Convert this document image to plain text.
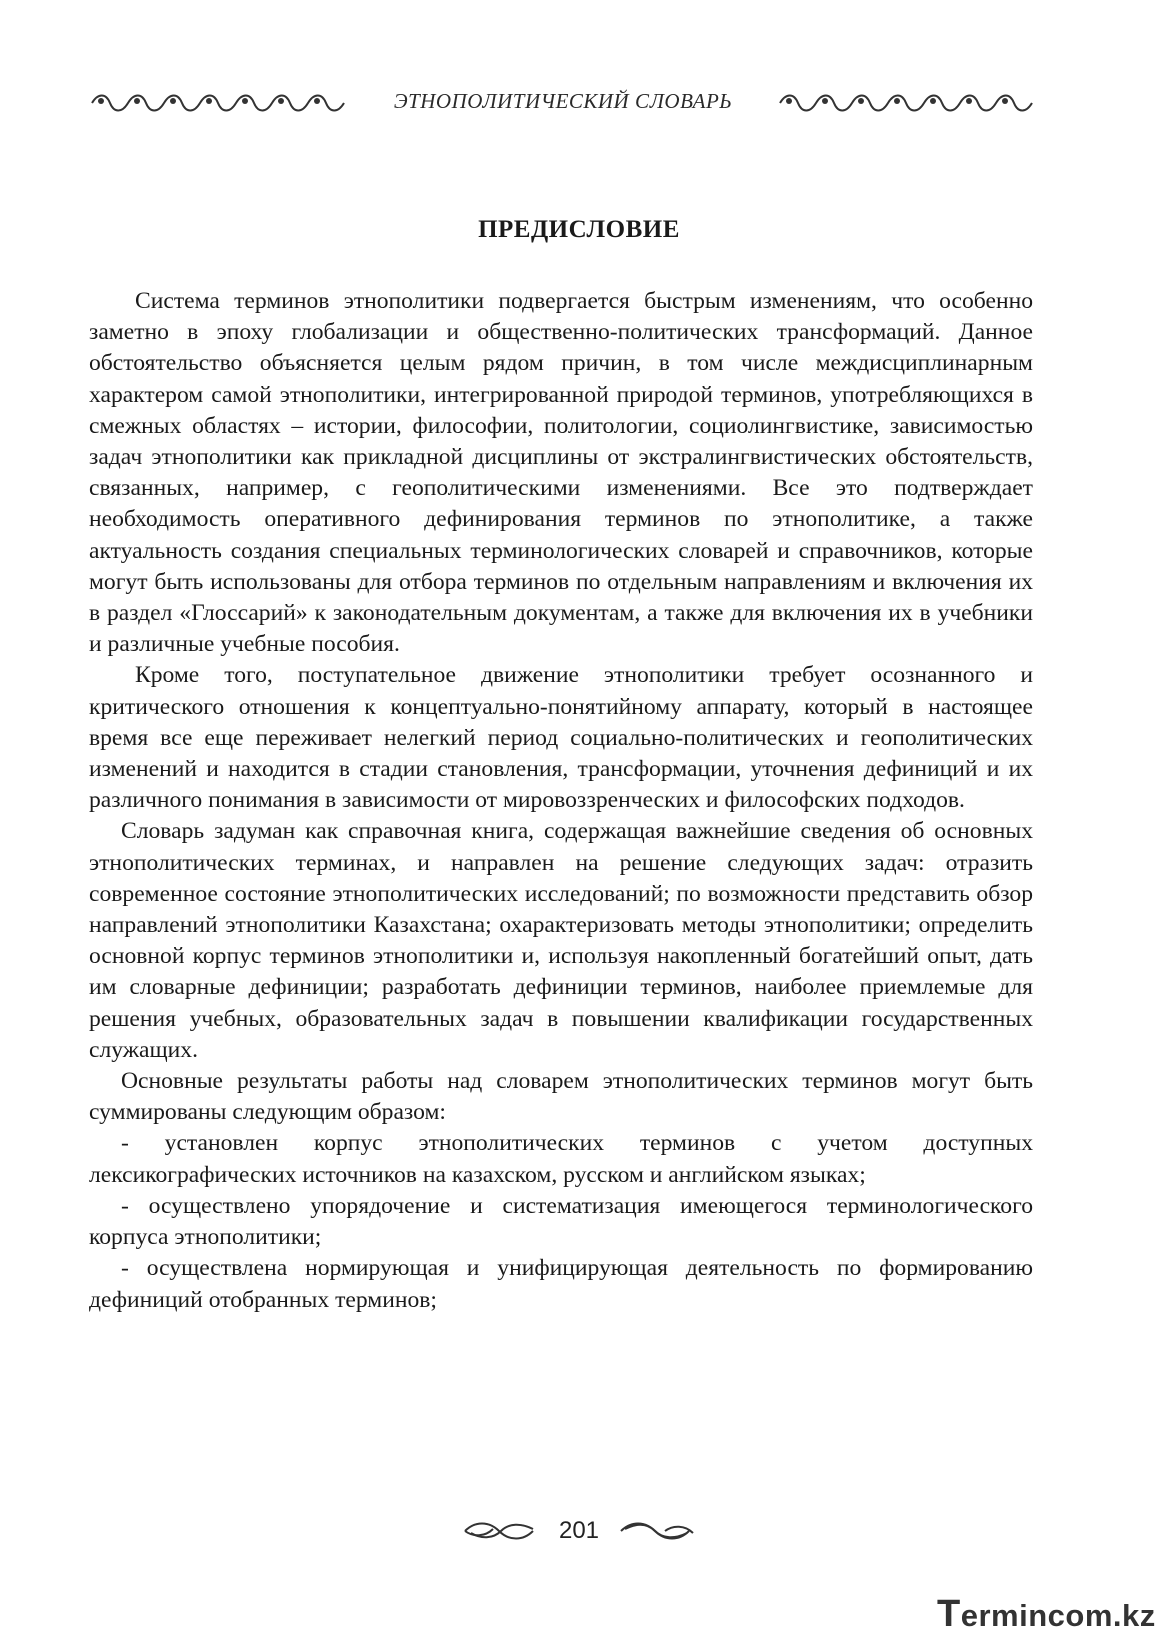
ЭТНОПОЛИТИЧЕСКИЙ СЛОВАРЬ
ПРЕДИСЛОВИЕ

Система терминов этнополитики подвергается быстрым изменениям, что особенно заметно в эпоху глобализации и общественно-политических трансформаций. Данное обстоятельство объясняется целым рядом причин, в том числе междисциплинарным характером самой этнополитики, интегрированной природой терминов, употребляющихся в смежных областях – истории, философии, политологии, социолингвистике, зависимостью задач этнополитики как прикладной дисциплины от экстралингвистических обстоятельств, связанных, например, с геополитическими изменениями. Все это подтверждает необходимость оперативного дефинирования терминов по этнополитике, а также актуальность создания специальных терминологических словарей и справочников, которые могут быть использованы для отбора терминов по отдельным направлениям и включения их в раздел «Глоссарий» к законодательным документам, а также для включения их в учебники и различные учебные пособия.

Кроме того, поступательное движение этнополитики требует осознанного и критического отношения к концептуально-понятийному аппарату, который в настоящее время все еще переживает нелегкий период социально-политических и геополитических изменений и находится в стадии становления, трансформации, уточнения дефиниций и их различного понимания в зависимости от мировоззренческих и философских подходов.

Словарь задуман как справочная книга, содержащая важнейшие сведения об основных этнополитических терминах, и направлен на решение следующих задач: отразить современное состояние этнополитических исследований; по возможности представить обзор направлений этнополитики Казахстана; охарактеризовать методы этнополитики; определить основной корпус терминов этнополитики и, используя накопленный богатейший опыт, дать им словарные дефиниции; разработать дефиниции терминов, наиболее приемлемые для решения учебных, образовательных задач в повышении квалификации государственных служащих.

Основные результаты работы над словарем этнополитических терминов могут быть суммированы следующим образом:

- установлен корпус этнополитических терминов с учетом доступных лексикографических источников на казахском, русском и английском языках;

- осуществлено упорядочение и систематизация имеющегося терминологического корпуса этнополитики;

- осуществлена нормирующая и унифицирующая деятельность по формированию дефиниций отобранных терминов;

201
Termincom.kz
